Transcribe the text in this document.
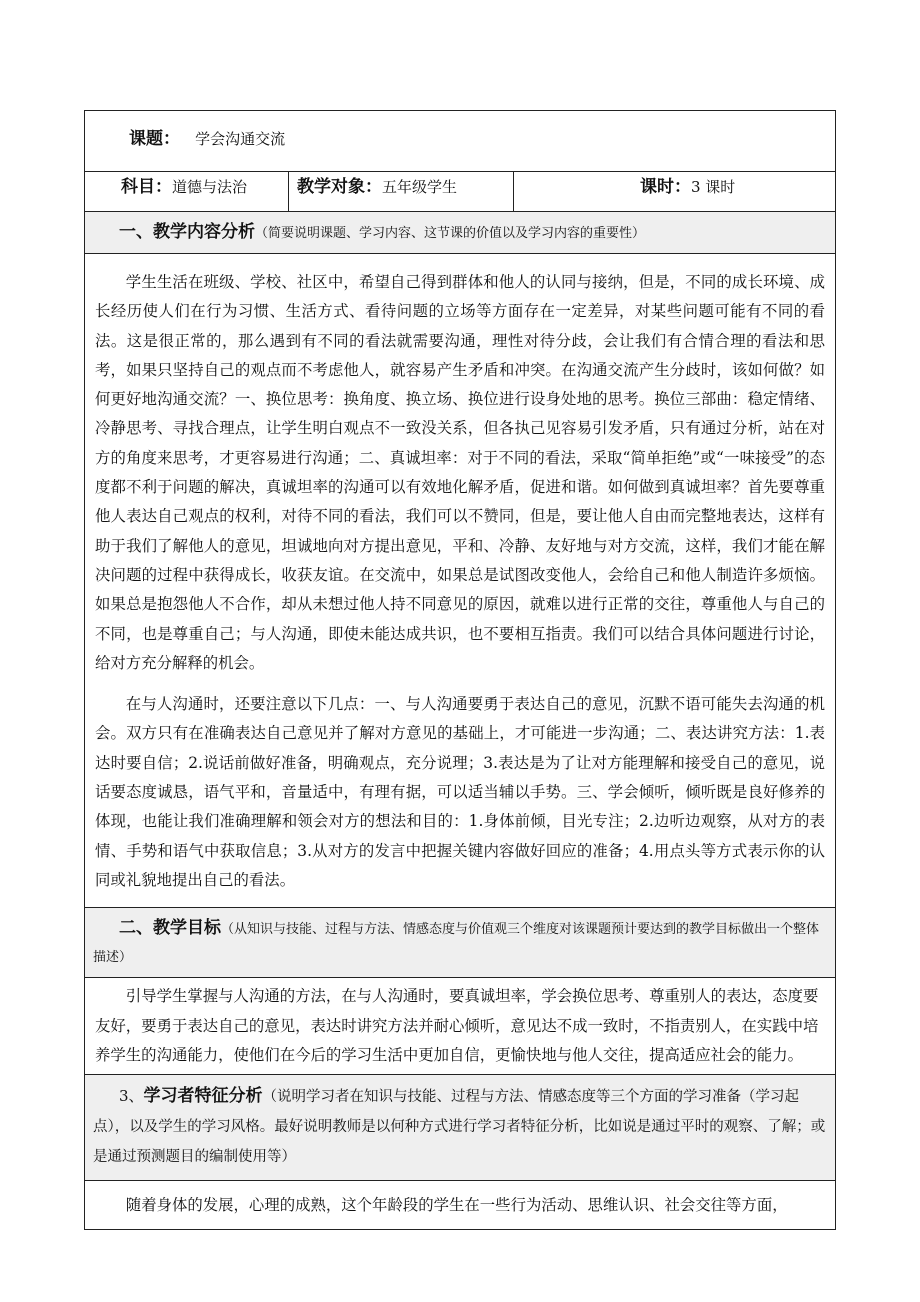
课题： 学会沟通交流
科目：道德与法治	教学对象：五年级学生	课时：3 课时
一、教学内容分析（简要说明课题、学习内容、这节课的价值以及学习内容的重要性）

学生生活在班级、学校、社区中，希望自己得到群体和他人的认同与接纳，但是，不同的成长环境、成长经历使人们在行为习惯、生活方式、看待问题的立场等方面存在一定差异，对某些问题可能有不同的看法。这是很正常的，那么遇到有不同的看法就需要沟通，理性对待分歧，会让我们有合情合理的看法和思考，如果只坚持自己的观点而不考虑他人，就容易产生矛盾和冲突。在沟通交流产生分歧时，该如何做？如何更好地沟通交流？一、换位思考：换角度、换立场、换位进行设身处地的思考。换位三部曲：稳定情绪、冷静思考、寻找合理点，让学生明白观点不一致没关系，但各执己见容易引发矛盾，只有通过分析，站在对方的角度来思考，才更容易进行沟通；二、真诚坦率：对于不同的看法，采取“简单拒绝”或“一味接受”的态度都不利于问题的解决，真诚坦率的沟通可以有效地化解矛盾，促进和谐。如何做到真诚坦率？首先要尊重他人表达自己观点的权利，对待不同的看法，我们可以不赞同，但是，要让他人自由而完整地表达，这样有助于我们了解他人的意见，坦诚地向对方提出意见，平和、冷静、友好地与对方交流，这样，我们才能在解决问题的过程中获得成长，收获友谊。在交流中，如果总是试图改变他人，会给自己和他人制造许多烦恼。如果总是抱怨他人不合作，却从未想过他人持不同意见的原因，就难以进行正常的交往，尊重他人与自己的不同，也是尊重自己；与人沟通，即使未能达成共识，也不要相互指责。我们可以结合具体问题进行讨论，给对方充分解释的机会。

在与人沟通时，还要注意以下几点：一、与人沟通要勇于表达自己的意见，沉默不语可能失去沟通的机会。双方只有在准确表达自己意见并了解对方意见的基础上，才可能进一步沟通；二、表达讲究方法：1.表达时要自信；2.说话前做好准备，明确观点，充分说理；3.表达是为了让对方能理解和接受自己的意见，说话要态度诚恳，语气平和，音量适中，有理有据，可以适当辅以手势。三、学会倾听，倾听既是良好修养的体现，也能让我们准确理解和领会对方的想法和目的：1.身体前倾，目光专注；2.边听边观察，从对方的表情、手势和语气中获取信息；3.从对方的发言中把握关键内容做好回应的准备；4.用点头等方式表示你的认同或礼貌地提出自己的看法。

二、教学目标（从知识与技能、过程与方法、情感态度与价值观三个维度对该课题预计要达到的教学目标做出一个整体描述）

引导学生掌握与人沟通的方法，在与人沟通时，要真诚坦率，学会换位思考、尊重别人的表达，态度要友好，要勇于表达自己的意见，表达时讲究方法并耐心倾听，意见达不成一致时，不指责别人，在实践中培养学生的沟通能力，使他们在今后的学习生活中更加自信，更愉快地与他人交往，提高适应社会的能力。

3、学习者特征分析（说明学习者在知识与技能、过程与方法、情感态度等三个方面的学习准备（学习起点），以及学生的学习风格。最好说明教师是以何种方式进行学习者特征分析，比如说是通过平时的观察、了解；或是通过预测题目的编制使用等）

随着身体的发展，心理的成熟，这个年龄段的学生在一些行为活动、思维认识、社会交往等方面，
